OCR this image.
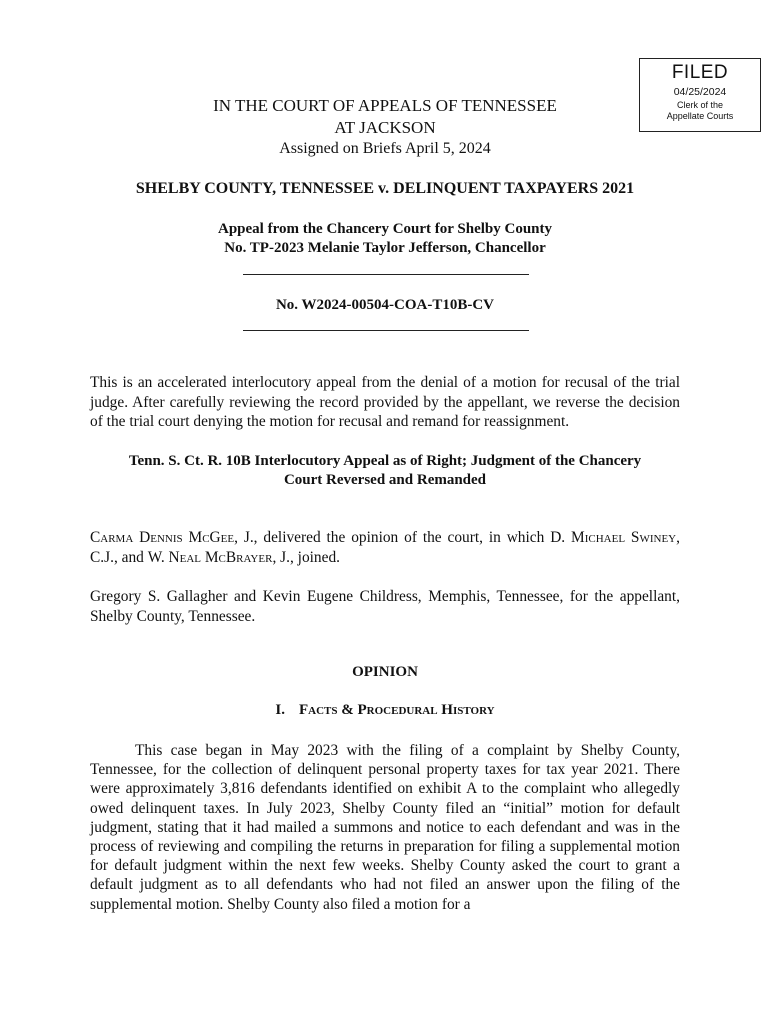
FILED
04/25/2024
Clerk of the
Appellate Courts
IN THE COURT OF APPEALS OF TENNESSEE
AT JACKSON
Assigned on Briefs April 5, 2024
SHELBY COUNTY, TENNESSEE v. DELINQUENT TAXPAYERS 2021
Appeal from the Chancery Court for Shelby County
No. TP-2023 Melanie Taylor Jefferson, Chancellor
No. W2024-00504-COA-T10B-CV
This is an accelerated interlocutory appeal from the denial of a motion for recusal of the trial judge. After carefully reviewing the record provided by the appellant, we reverse the decision of the trial court denying the motion for recusal and remand for reassignment.
Tenn. S. Ct. R. 10B Interlocutory Appeal as of Right; Judgment of the Chancery
Court Reversed and Remanded
Carma Dennis McGee, J., delivered the opinion of the court, in which D. Michael Swiney, C.J., and W. Neal McBrayer, J., joined.
Gregory S. Gallagher and Kevin Eugene Childress, Memphis, Tennessee, for the appellant, Shelby County, Tennessee.
OPINION
I. Facts & Procedural History
This case began in May 2023 with the filing of a complaint by Shelby County, Tennessee, for the collection of delinquent personal property taxes for tax year 2021. There were approximately 3,816 defendants identified on exhibit A to the complaint who allegedly owed delinquent taxes. In July 2023, Shelby County filed an “initial” motion for default judgment, stating that it had mailed a summons and notice to each defendant and was in the process of reviewing and compiling the returns in preparation for filing a supplemental motion for default judgment within the next few weeks. Shelby County asked the court to grant a default judgment as to all defendants who had not filed an answer upon the filing of the supplemental motion. Shelby County also filed a motion for a
